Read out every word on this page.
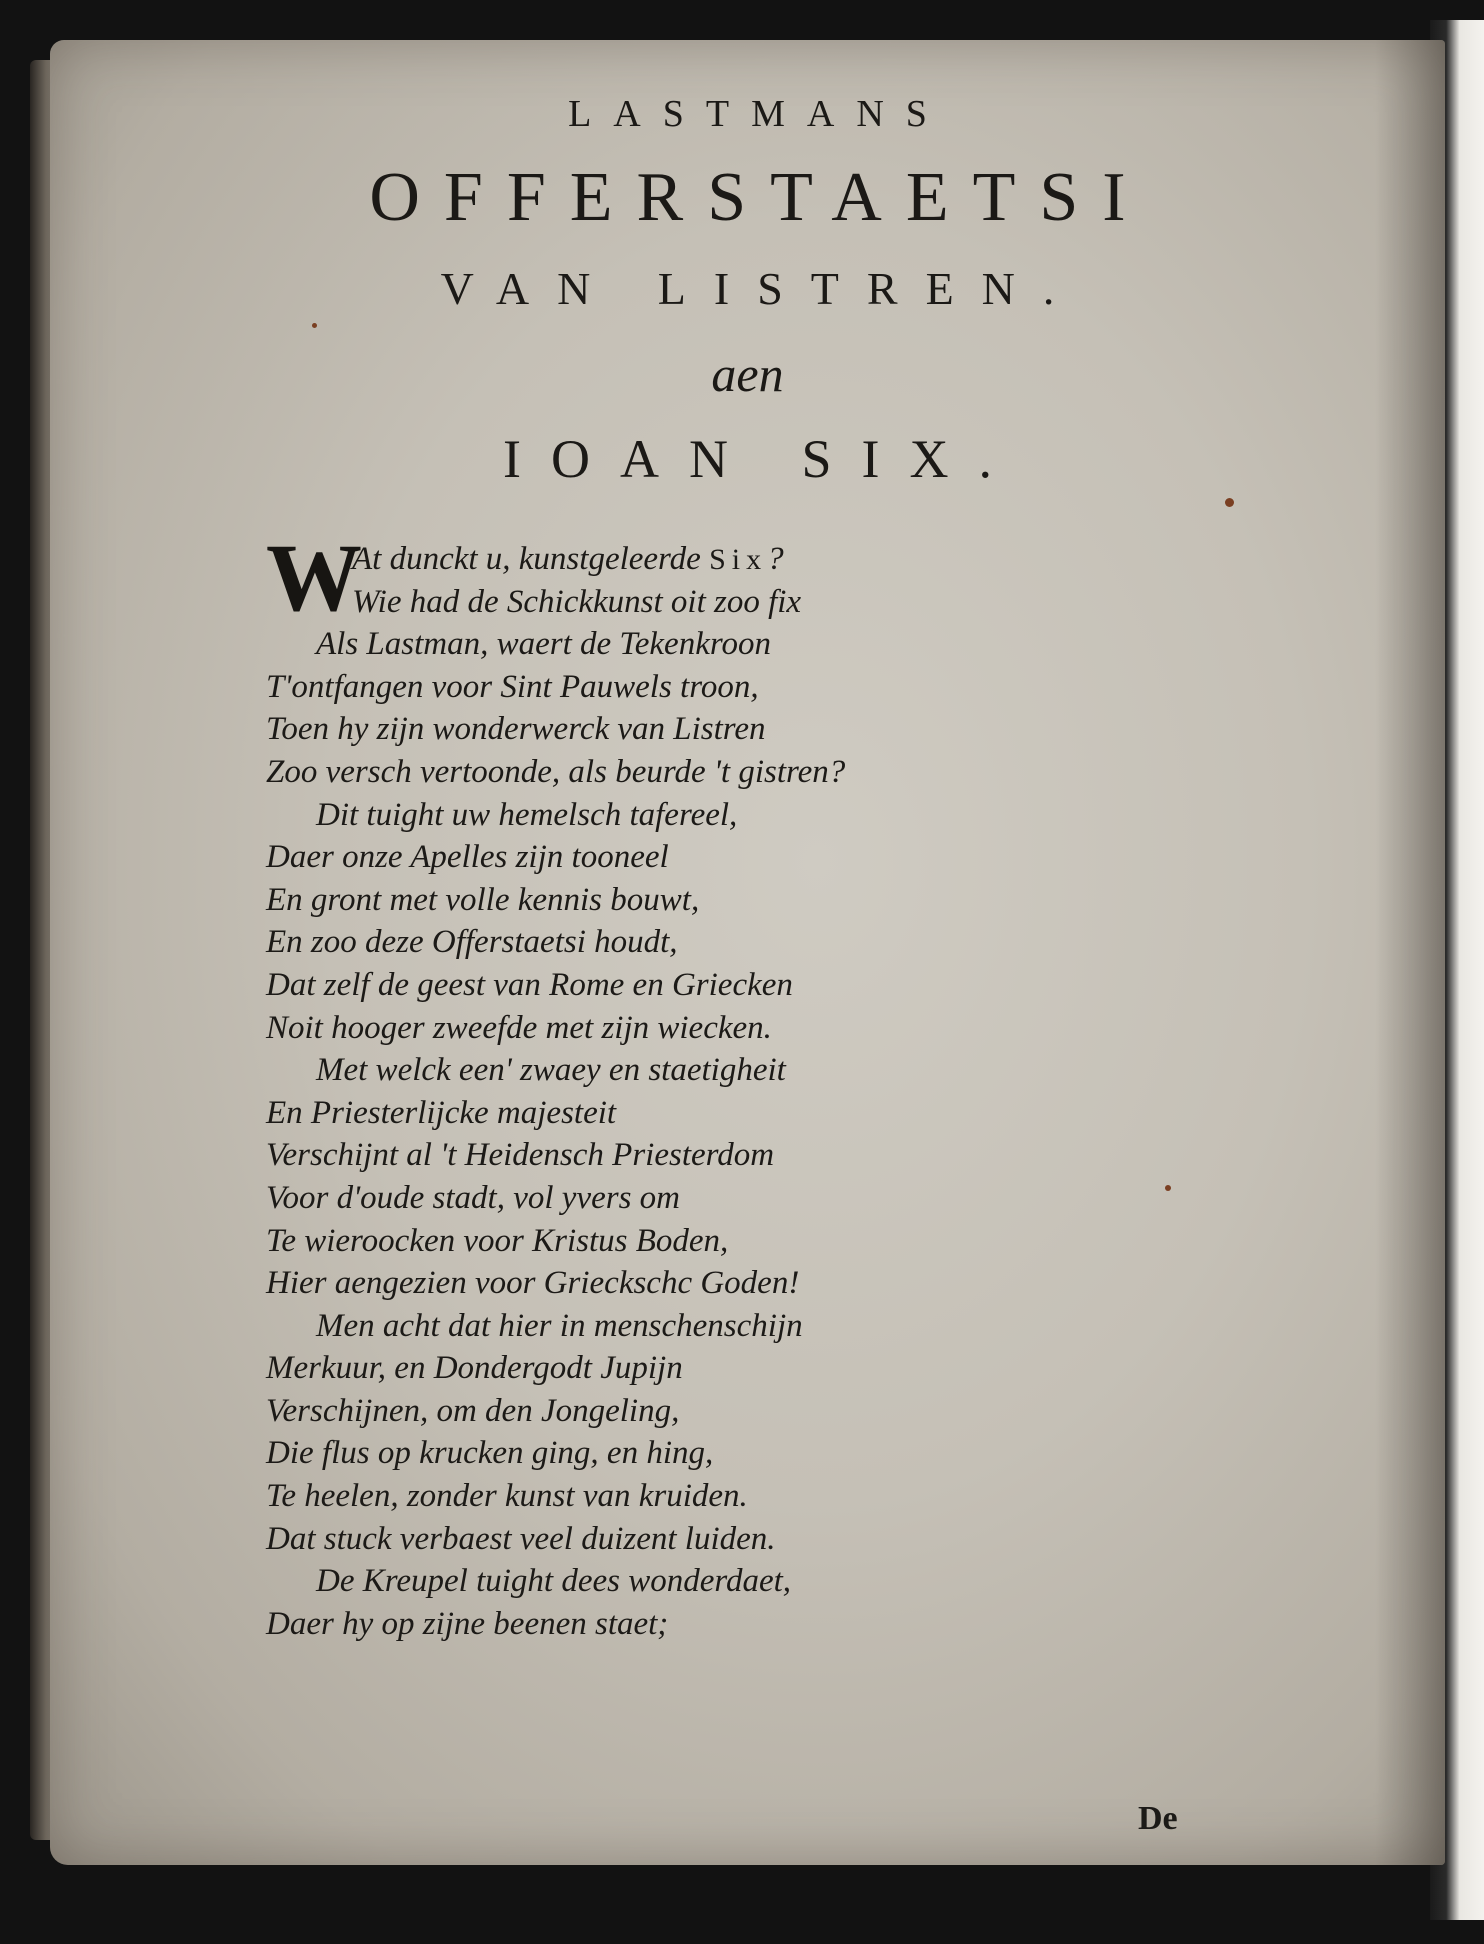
LASTMANS
OFFERSTAETSI
VAN LISTREN.
aen
IOAN SIX.
W
At dunckt u, kunstgeleerde Six?
Wie had de Schickkunst oit zoo fix
Als Lastman, waert de Tekenkroon
T'ontfangen voor Sint Pauwels troon,
Toen hy zijn wonderwerck van Listren
Zoo versch vertoonde, als beurde 't gistren?
Dit tuight uw hemelsch tafereel,
Daer onze Apelles zijn tooneel
En gront met volle kennis bouwt,
En zoo deze Offerstaetsi houdt,
Dat zelf de geest van Rome en Griecken
Noit hooger zweefde met zijn wiecken.
Met welck een' zwaey en staetigheit
En Priesterlijcke majesteit
Verschijnt al 't Heidensch Priesterdom
Voor d'oude stadt, vol yvers om
Te wieroocken voor Kristus Boden,
Hier aengezien voor Grieckschc Goden!
Men acht dat hier in menschenschijn
Merkuur, en Dondergodt Jupijn
Verschijnen, om den Jongeling,
Die flus op krucken ging, en hing,
Te heelen, zonder kunst van kruiden.
Dat stuck verbaest veel duizent luiden.
De Kreupel tuight dees wonderdaet,
Daer hy op zijne beenen staet;
De
